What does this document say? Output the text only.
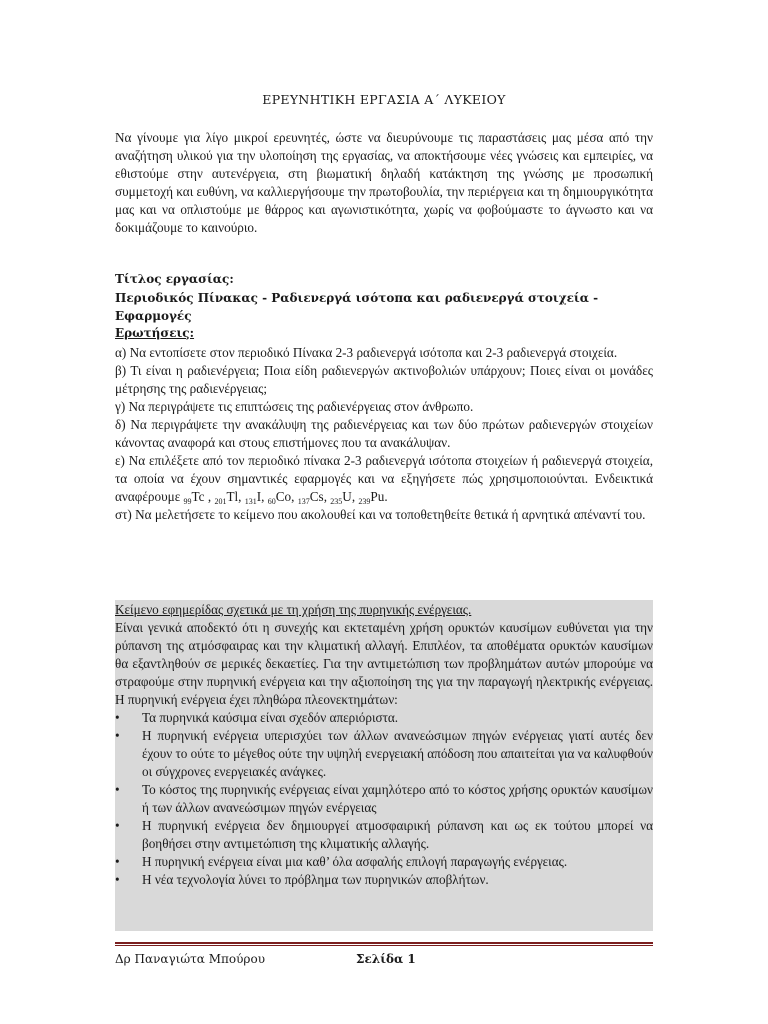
ΕΡΕΥΝΗΤΙΚΗ ΕΡΓΑΣΙΑ Α΄ ΛΥΚΕΙΟΥ
Να γίνουμε για λίγο μικροί ερευνητές, ώστε να διευρύνουμε τις παραστάσεις μας μέσα από την αναζήτηση υλικού για την υλοποίηση της εργασίας, να αποκτήσουμε νέες γνώσεις και εμπειρίες, να εθιστούμε στην αυτενέργεια, στη βιωματική δηλαδή κατάκτηση της γνώσης με προσωπική συμμετοχή και ευθύνη, να καλλιεργήσουμε την πρωτοβουλία, την περιέργεια και τη δημιουργικότητα μας και να οπλιστούμε με θάρρος και αγωνιστικότητα, χωρίς να φοβούμαστε το άγνωστο και να δοκιμάζουμε το καινούριο.
Τίτλος εργασίας:
Περιοδικός Πίνακας - Ραδιενεργά ισότοπα και ραδιενεργά στοιχεία - Εφαρμογές
Ερωτήσεις:
α) Να εντοπίσετε στον περιοδικό Πίνακα 2-3 ραδιενεργά ισότοπα και 2-3 ραδιενεργά στοιχεία.
β) Τι είναι η ραδιενέργεια; Ποια είδη ραδιενεργών ακτινοβολιών υπάρχουν; Ποιες είναι οι μονάδες μέτρησης της ραδιενέργειας;
γ) Να περιγράψετε τις επιπτώσεις της ραδιενέργειας στον άνθρωπο.
δ) Να περιγράψετε την ανακάλυψη της ραδιενέργειας και των δύο πρώτων ραδιενεργών στοιχείων κάνοντας αναφορά και στους επιστήμονες που τα ανακάλυψαν.
ε) Να επιλέξετε από τον περιοδικό πίνακα 2-3 ραδιενεργά ισότοπα στοιχείων ή ραδιενεργά στοιχεία, τα οποία να έχουν σημαντικές εφαρμογές και να εξηγήσετε πώς χρησιμοποιούνται. Ενδεικτικά αναφέρουμε $_{99}$Tc , $_{201}$Tl, $_{131}$I, $_{60}$Co, $_{137}$Cs, $_{235}$U, $_{239}$Pu.
στ) Να μελετήσετε το κείμενο που ακολουθεί και να τοποθετηθείτε θετικά ή αρνητικά απέναντί του.
Κείμενο εφημερίδας σχετικά με τη χρήση της πυρηνικής ενέργειας.
Είναι γενικά αποδεκτό ότι η συνεχής και εκτεταμένη χρήση ορυκτών καυσίμων ευθύνεται για την ρύπανση της ατμόσφαιρας και την κλιματική αλλαγή. Επιπλέον, τα αποθέματα ορυκτών καυσίμων θα εξαντληθούν σε μερικές δεκαετίες. Για την αντιμετώπιση των προβλημάτων αυτών μπορούμε να στραφούμε στην πυρηνική ενέργεια και την αξιοποίηση της για την παραγωγή ηλεκτρικής ενέργειας. Η πυρηνική ενέργεια έχει πληθώρα πλεονεκτημάτων:
• Τα πυρηνικά καύσιμα είναι σχεδόν απεριόριστα.
• Η πυρηνική ενέργεια υπερισχύει των άλλων ανανεώσιμων πηγών ενέργειας γιατί αυτές δεν έχουν το ούτε το μέγεθος ούτε την υψηλή ενεργειακή απόδοση που απαιτείται για να καλυφθούν οι σύγχρονες ενεργειακές ανάγκες.
• Το κόστος της πυρηνικής ενέργειας είναι χαμηλότερο από το κόστος χρήσης ορυκτών καυσίμων ή των άλλων ανανεώσιμων πηγών ενέργειας
• Η πυρηνική ενέργεια δεν δημιουργεί ατμοσφαιρική ρύπανση και ως εκ τούτου μπορεί να βοηθήσει στην αντιμετώπιση της κλιματικής αλλαγής.
• Η πυρηνική ενέργεια είναι μια καθ’ όλα ασφαλής επιλογή παραγωγής ενέργειας.
• Η νέα τεχνολογία λύνει το πρόβλημα των πυρηνικών αποβλήτων.
Δρ Παναγιώτα Μπούρου	Σελίδα 1
